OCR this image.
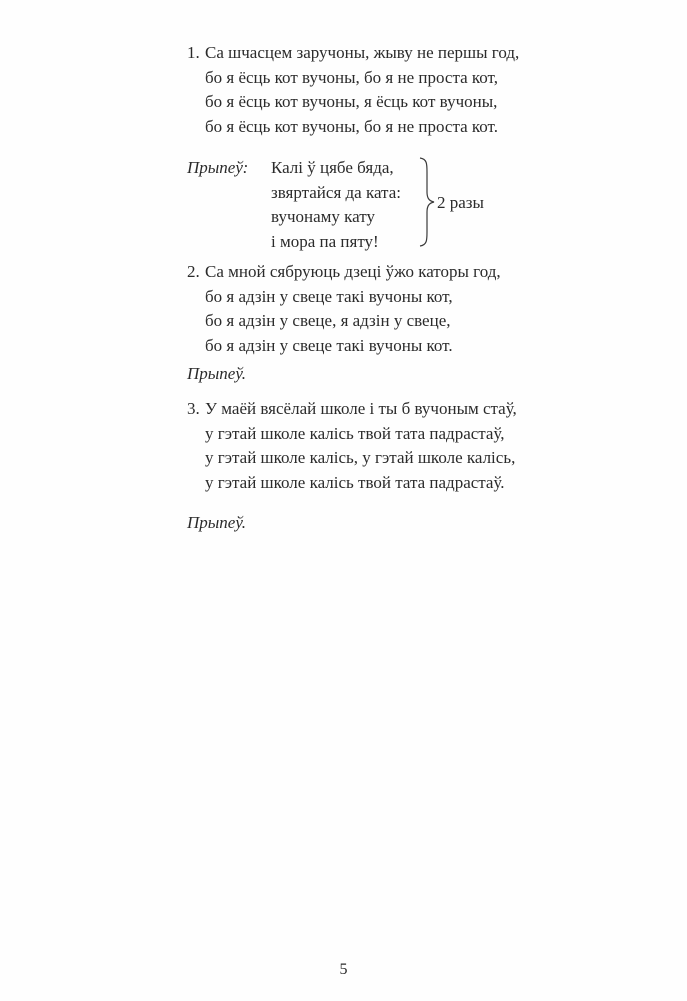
1. Са шчасцем заручоны, жыву не першы год,
бо я ёсць кот вучоны, бо я не проста кот,
бо я ёсць кот вучоны, я ёсць кот вучоны,
бо я ёсць кот вучоны, бо я не проста кот.
Прыпеў: Калі ў цябе бяда,
звяртайся да ката:
вучонаму кату
і мора па пяту!
2 разы
2. Са мной сябруюць дзеці ўжо каторы год,
бо я адзін у свеце такі вучоны кот,
бо я адзін у свеце, я адзін у свеце,
бо я адзін у свеце такі вучоны кот.
Прыпеў.
3. У маёй вясёлай школе і ты б вучоным стаў,
у гэтай школе калісь твой тата падрастаў,
у гэтай школе калісь, у гэтай школе калісь,
у гэтай школе калісь твой тата падрастаў.
Прыпеў.
5
